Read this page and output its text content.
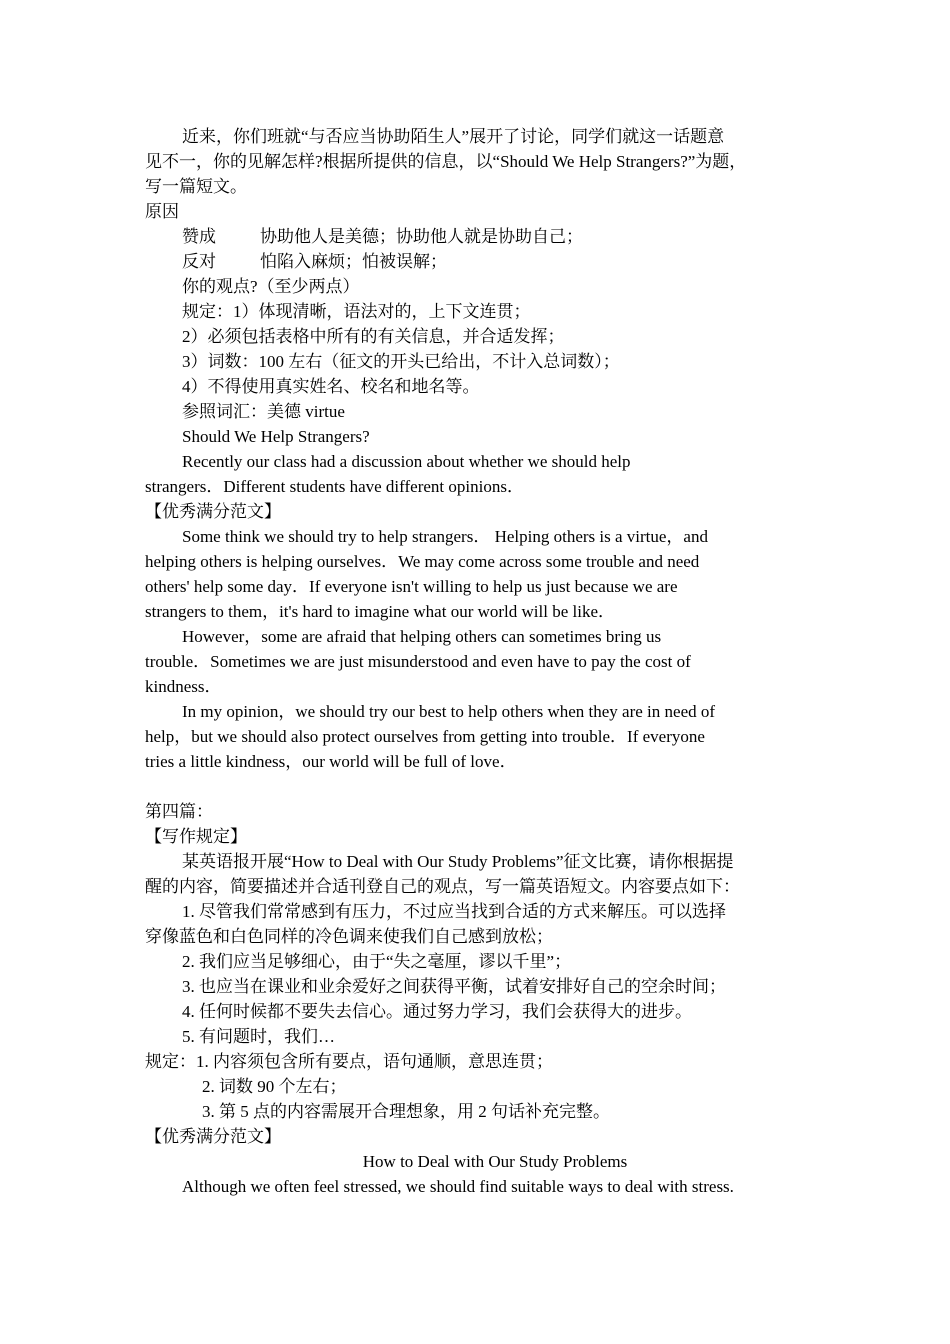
近来，你们班就“与否应当协助陌生人”展开了讨论，同学们就这一话题意
见不一，你的见解怎样?根据所提供的信息，以“Should We Help Strangers?”为题，
写一篇短文。
原因
赞成	协助他人是美德；协助他人就是协助自己；
反对	怕陷入麻烦；怕被误解；
你的观点?（至少两点）
规定：1）体现清晰，语法对的，上下文连贯；
2）必须包括表格中所有的有关信息，并合适发挥；
3）词数：100 左右（征文的开头已给出，不计入总词数）；
4）不得使用真实姓名、校名和地名等。
参照词汇：美德 virtue
Should We Help Strangers?
Recently our class had a discussion about whether we should help
strangers．Different students have different opinions．
【优秀满分范文】
Some think we should try to help strangers． Helping others is a virtue，and
helping others is helping ourselves．We may come across some trouble and need
others' help some day．If everyone isn't willing to help us just because we are
strangers to them，it's hard to imagine what our world will be like．
However，some are afraid that helping others can sometimes bring us
trouble．Sometimes we are just misunderstood and even have to pay the cost of
kindness．
In my opinion，we should try our best to help others when they are in need of
help，but we should also protect ourselves from getting into trouble．If everyone
tries a little kindness，our world will be full of love．
第四篇：
【写作规定】
某英语报开展“How to Deal with Our Study Problems”征文比赛，请你根据提
醒的内容，简要描述并合适刊登自己的观点，写一篇英语短文。内容要点如下：
1. 尽管我们常常感到有压力，不过应当找到合适的方式来解压。可以选择
穿像蓝色和白色同样的冷色调来使我们自己感到放松；
2. 我们应当足够细心，由于“失之毫厘，谬以千里”；
3. 也应当在课业和业余爱好之间获得平衡，试着安排好自己的空余时间；
4. 任何时候都不要失去信心。通过努力学习，我们会获得大的进步。
5. 有问题时，我们…
规定：1. 内容须包含所有要点，语句通顺，意思连贯；
2. 词数 90 个左右；
3. 第 5 点的内容需展开合理想象，用 2 句话补充完整。
【优秀满分范文】
How to Deal with Our Study Problems
Although we often feel stressed, we should find suitable ways to deal with stress.
